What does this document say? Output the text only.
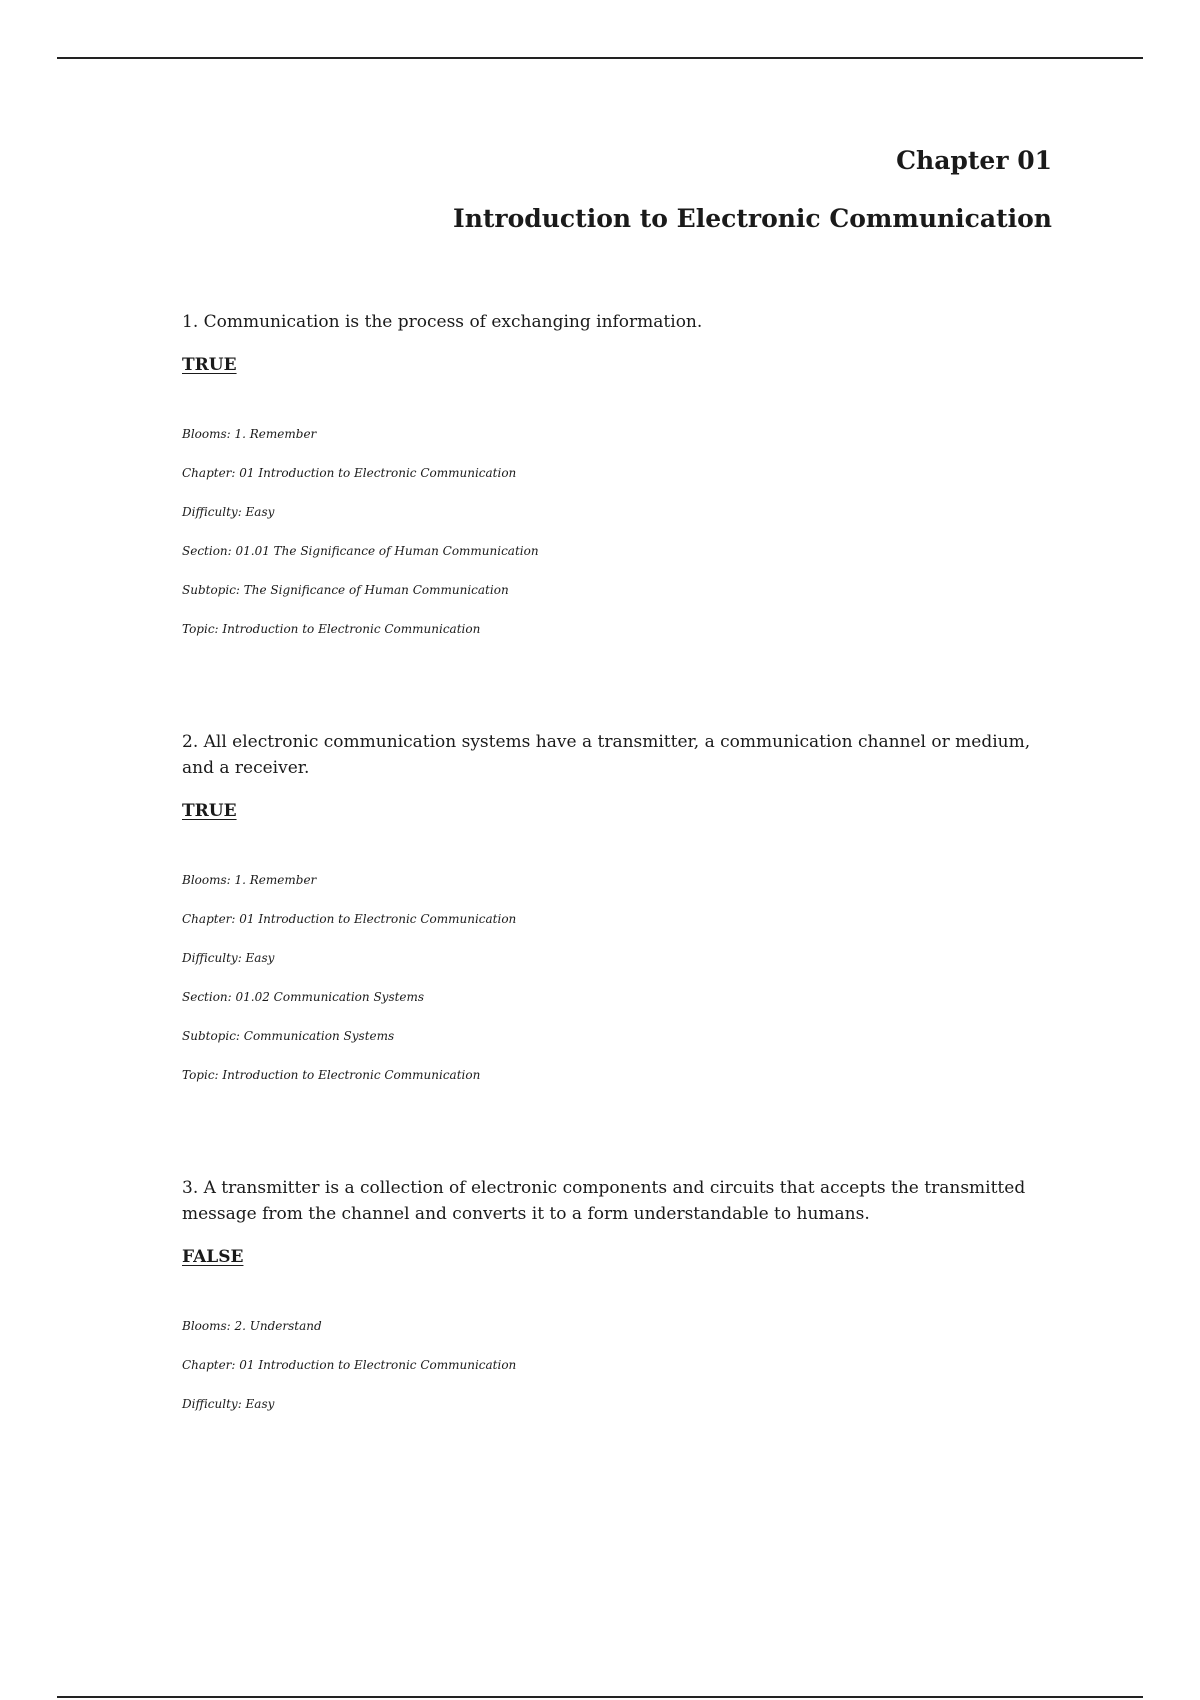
Chapter 01
Introduction to Electronic Communication

1. Communication is the process of exchanging information.

TRUE
Blooms: 1. Remember
Chapter: 01 Introduction to Electronic Communication
Difficulty: Easy
Section: 01.01 The Significance of Human Communication
Subtopic: The Significance of Human Communication
Topic: Introduction to Electronic Communication

2. All electronic communication systems have a transmitter, a communication channel or medium, and a receiver.

TRUE
Blooms: 1. Remember
Chapter: 01 Introduction to Electronic Communication
Difficulty: Easy
Section: 01.02 Communication Systems
Subtopic: Communication Systems
Topic: Introduction to Electronic Communication

3. A transmitter is a collection of electronic components and circuits that accepts the transmitted message from the channel and converts it to a form understandable to humans.

FALSE
Blooms: 2. Understand
Chapter: 01 Introduction to Electronic Communication
Difficulty: Easy
